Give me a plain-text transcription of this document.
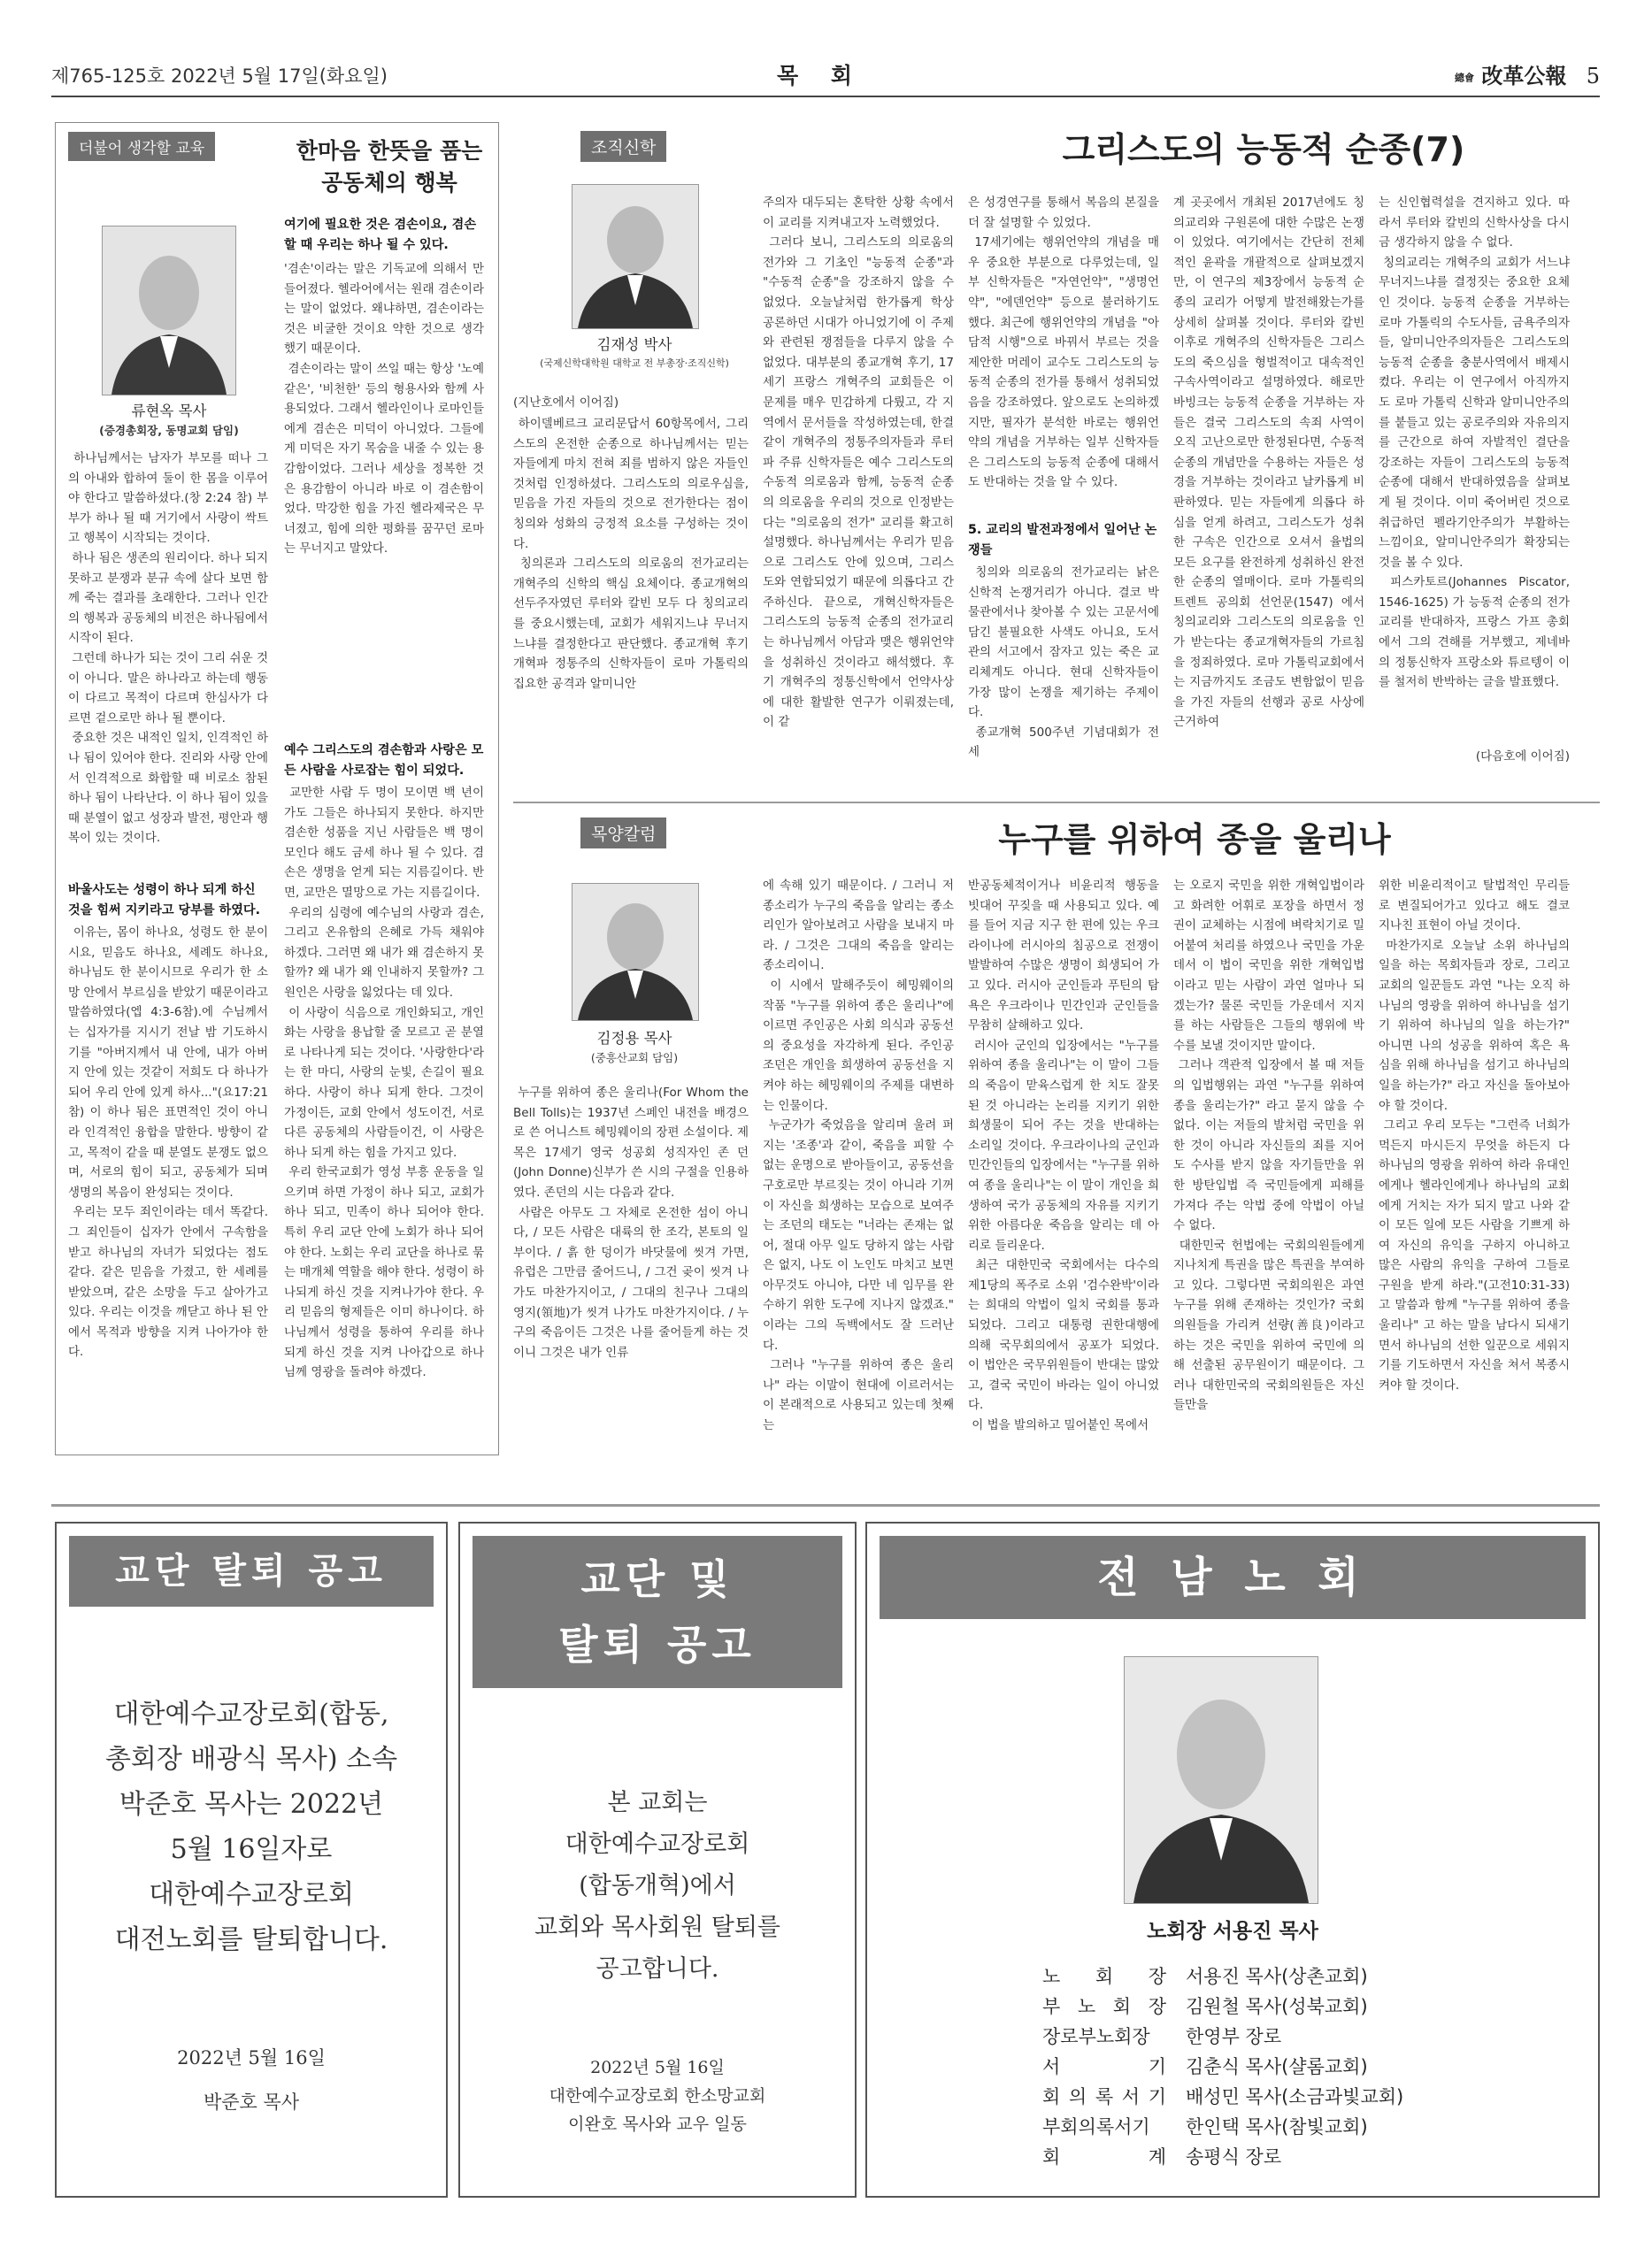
제765-125호 2022년 5월 17일(화요일)	목 회	總會 改革公報 5
더불어 생각할 교육	한마음 한뜻을 품는
공동체의 행복
류현옥 목사
(증경총회장, 동명교회 담임)
하나님께서는 남자가 부모를 떠나 그의 아내와 합하여 둘이 한 몸을 이루어야 한다고 말씀하셨다.(창 2:24 참) 부부가 하나 될 때 거기에서 사랑이 싹트고 행복이 시작되는 것이다.
하나 됨은 생존의 원리이다. 하나 되지 못하고 분쟁과 분규 속에 살다 보면 함께 죽는 결과를 초래한다. 그러나 인간의 행복과 공동체의 비전은 하나됨에서 시작이 된다.
그런데 하나가 되는 것이 그리 쉬운 것이 아니다. 말은 하나라고 하는데 행동이 다르고 목적이 다르며 한심사가 다르면 겉으로만 하나 될 뿐이다.
중요한 것은 내적인 일치, 인격적인 하나 됨이 있어야 한다. 진리와 사랑 안에서 인격적으로 화합할 때 비로소 참된 하나 됨이 나타난다. 이 하나 됨이 있을 때 분열이 없고 성장과 발전, 평안과 행복이 있는 것이다.
바울사도는 성령이 하나 되게 하신 것을 힘써 지키라고 당부를 하였다.
이유는, 몸이 하나요, 성령도 한 분이시요, 믿음도 하나요, 세례도 하나요, 하나님도 한 분이시므로 우리가 한 소망 안에서 부르심을 받았기 때문이라고 말씀하였다(엡 4:3-6참).에 수님께서는 십자가를 지시기 전날 밤 기도하시기를 "아버지께서 내 안에, 내가 아버지 안에 있는 것같이 저희도 다 하나가 되어 우리 안에 있게 하사..."(요17:21 참) 이 하나 됨은 표면적인 것이 아니라 인격적인 융합을 말한다. 방향이 같고, 목적이 같을 때 분열도 분쟁도 없으며, 서로의 힘이 되고, 공동체가 되며 생명의 복음이 완성되는 것이다.
우리는 모두 죄인이라는 데서 똑같다. 그 죄인들이 십자가 안에서 구속함을 받고 하나님의 자녀가 되었다는 점도 같다. 같은 믿음을 가졌고, 한 세례를 받았으며, 같은 소망을 두고 살아가고 있다. 우리는 이것을 깨닫고 하나 된 안에서 목적과 방향을 지켜 나아가야 한다.
여기에 필요한 것은 겸손이요, 겸손할 때 우리는 하나 될 수 있다.
'겸손'이라는 말은 기독교에 의해서 만들어졌다. 헬라어에서는 원래 겸손이라는 말이 없었다. 왜냐하면, 겸손이라는 것은 비굴한 것이요 약한 것으로 생각했기 때문이다.
겸손이라는 말이 쓰일 때는 항상 '노예 같은', '비천한' 등의 형용사와 함께 사용되었다. 그래서 헬라인이나 로마인들에게 겸손은 미덕이 아니었다. 그들에게 미덕은 자기 목숨을 내줄 수 있는 용감함이었다. 그러나 세상을 정복한 것은 용감함이 아니라 바로 이 겸손함이었다. 막강한 힘을 가진 헬라제국은 무너졌고, 힘에 의한 평화를 꿈꾸던 로마는 무너지고 말았다.
예수 그리스도의 겸손함과 사랑은 모든 사람을 사로잡는 힘이 되었다.
교만한 사람 두 명이 모이면 백 년이 가도 그들은 하나되지 못한다. 하지만 겸손한 성품을 지닌 사람들은 백 명이 모인다 해도 금세 하나 될 수 있다. 겸손은 생명을 얻게 되는 지름길이다. 반면, 교만은 멸망으로 가는 지름길이다.
우리의 심령에 예수님의 사랑과 겸손, 그리고 온유함의 은혜로 가득 채워야 하겠다. 그러면 왜 내가 왜 겸손하지 못할까? 왜 내가 왜 인내하지 못할까? 그 원인은 사랑을 잃었다는 데 있다.
이 사랑이 식음으로 개인화되고, 개인화는 사랑을 용납할 줄 모르고 곧 분열로 나타나게 되는 것이다. '사랑한다'라는 한 마디, 사랑의 눈빛, 손길이 필요하다. 사랑이 하나 되게 한다. 그것이 가정이든, 교회 안에서 성도이건, 서로 다른 공동체의 사람들이건, 이 사랑은 하나 되게 하는 힘을 가지고 있다.
우리 한국교회가 영성 부흥 운동을 일으키며 하면 가정이 하나 되고, 교회가 하나 되고, 민족이 하나 되어야 한다. 특히 우리 교단 안에 노회가 하나 되어야 한다. 노회는 우리 교단을 하나로 묶는 매개체 역할을 해야 한다. 성령이 하나되게 하신 것을 지켜나가야 한다. 우리 믿음의 형제들은 이미 하나이다. 하나님께서 성령을 통하여 우리를 하나 되게 하신 것을 지켜 나아갑으로 하나님께 영광을 돌려야 하겠다.
조직신학	그리스도의 능동적 순종(7)
김재성 박사
(국제신학대학원 대학교 전 부총장·조직신학)
(지난호에서 이어짐)
하이델베르크 교리문답서 60항목에서, 그리스도의 온전한 순종으로 하나님께서는 믿는 자들에게 마치 전혀 죄를 범하지 않은 자들인 것처럼 인정하셨다. 그리스도의 의로우심을, 믿음을 가진 자들의 것으로 전가한다는 점이 칭의와 성화의 긍정적 요소를 구성하는 것이다.
칭의론과 그리스도의 의로움의 전가교리는 개혁주의 신학의 핵심 요체이다. 종교개혁의 선두주자였던 루터와 칼빈 모두 다 칭의교리를 중요시했는데, 교회가 세워지느냐 무너지느냐를 결정한다고 판단했다. 종교개혁 후기 개혁파 정통주의 신학자들이 로마 가톨릭의 집요한 공격과 알미니안
주의자 대두되는 혼탁한 상황 속에서 이 교리를 지켜내고자 노력했었다.
그러다 보니, 그리스도의 의로움의 전가와 그 기초인 "능동적 순종"과 "수동적 순종"을 강조하지 않을 수 없었다. 오늘날처럼 한가롭게 학상 공론하던 시대가 아니었기에 이 주제와 관련된 쟁점들을 다루지 않을 수 없었다. 대부분의 종교개혁 후기, 17세기 프랑스 개혁주의 교회들은 이 문제를 매우 민감하게 다뤘고, 각 지역에서 문서들을 작성하였는데, 한결같이 개혁주의 정통주의자들과 루터파 주류 신학자들은 예수 그리스도의 수동적 의로움과 함께, 능동적 순종의 의로움을 우리의 것으로 인정받는다는 "의로움의 전가" 교리를 확고히 설명했다. 하나님께서는 우리가 믿음으로 그리스도 안에 있으며, 그리스도와 연합되었기 때문에 의롭다고 간주하신다. 끝으로, 개혁신학자들은 그리스도의 능동적 순종의 전가교리는 하나님께서 아담과 맺은 행위언약을 성취하신 것이라고 해석했다. 후기 개혁주의 정통신학에서 언약사상에 대한 활발한 연구가 이뤄졌는데, 이 같
은 성경연구를 통해서 복음의 본질을 더 잘 설명할 수 있었다.
17세기에는 행위언약의 개념을 매우 중요한 부분으로 다루었는데, 일부 신학자들은 "자연언약", "생명언약", "에덴언약" 등으로 불러하기도 했다. 최근에 행위언약의 개념을 "아담적 시행"으로 바꿔서 부르는 것을 제안한 머레이 교수도 그리스도의 능동적 순종의 전가를 통해서 성취되었음을 강조하였다. 앞으로도 논의하겠지만, 필자가 분석한 바로는 행위언약의 개념을 거부하는 일부 신학자들은 그리스도의 능동적 순종에 대해서도 반대하는 것을 알 수 있다.
5. 교리의 발전과정에서 일어난 논쟁들
칭의와 의로움의 전가교리는 낡은 신학적 논쟁거리가 아니다. 결코 박물관에서나 찾아볼 수 있는 고문서에 담긴 불필요한 사색도 아니요, 도서관의 서고에서 잠자고 있는 죽은 교리체계도 아니다. 현대 신학자들이 가장 많이 논쟁을 제기하는 주제이다.
종교개혁 500주년 기념대회가 전 세
계 곳곳에서 개최된 2017년에도 칭의교리와 구원론에 대한 수많은 논쟁이 있었다. 여기에서는 간단히 전체적인 윤곽을 개괄적으로 살펴보겠지만, 이 연구의 제3장에서 능동적 순종의 교리가 어떻게 발전해왔는가를 상세히 살펴볼 것이다. 루터와 칼빈 이후로 개혁주의 신학자들은 그리스도의 죽으심을 형벌적이고 대속적인 구속사역이라고 설명하였다. 해로만 바빙크는 능동적 순종을 거부하는 자들은 결국 그리스도의 속죄 사역이 오직 고난으로만 한정된다면, 수동적 순종의 개념만을 수용하는 자들은 성경을 거부하는 것이라고 날카롭게 비판하였다. 믿는 자들에게 의롭다 하심을 얻게 하려고, 그리스도가 성취한 구속은 인간으로 오셔서 율법의 모든 요구를 완전하게 성취하신 완전한 순종의 열매이다. 로마 가톨릭의 트렌트 공의회 선언문(1547) 에서 칭의교리와 그리스도의 의로움을 인가 받는다는 종교개혁자들의 가르침을 정죄하였다. 로마 가톨릭교회에서는 지금까지도 조금도 변함없이 믿음을 가진 자들의 선행과 공로 사상에 근거하여
는 신인협력설을 견지하고 있다. 따라서 루터와 칼빈의 신학사상을 다시금 생각하지 않을 수 없다.
칭의교리는 개혁주의 교회가 서느냐 무너지느냐를 결정짓는 중요한 요체인 것이다. 능동적 순종을 거부하는 로마 가톨릭의 수도사들, 금욕주의자들, 알미니안주의자들은 그리스도의 능동적 순종을 충분사역에서 배제시켰다. 우리는 이 연구에서 아직까지도 로마 가톨릭 신학과 알미니안주의를 붙들고 있는 공로주의와 자유의지를 근간으로 하여 자발적인 결단을 강조하는 자들이 그리스도의 능동적 순종에 대해서 반대하였음을 살펴보게 될 것이다. 이미 죽어버린 것으로 취급하던 펠라기안주의가 부활하는 느낌이요, 알미니안주의가 확장되는 것을 볼 수 있다.
피스카토르(Johannes Piscator, 1546-1625) 가 능동적 순종의 전가교리를 반대하자, 프랑스 가프 총회에서 그의 견해를 거부했고, 제네바의 정통신학자 프랑소와 튜르텡이 이를 철저히 반박하는 글을 발표했다.
(다음호에 이어짐)
목양칼럼	누구를 위하여 종을 울리나
김정용 목사
(중흥산교회 담임)
누구를 위하여 종은 울리나(For Whom the Bell Tolls)는 1937년 스페인 내전을 배경으로 쓴 어니스트 헤밍웨이의 장편 소설이다. 제목은 17세기 영국 성공회 성직자인 존 던(John Donne)신부가 쓴 시의 구절을 인용하였다. 존던의 시는 다음과 같다.
사람은 아무도 그 자체로 온전한 섬이 아니다, / 모든 사람은 대륙의 한 조각, 본토의 일부이다. / 흙 한 덩이가 바닷물에 씻겨 가면, 유럽은 그만큼 줄어드니, / 그건 곶이 씻겨 나가도 마찬가지이고, / 그대의 친구나 그대의 영지(領地)가 씻겨 나가도 마찬가지이다. / 누구의 죽음이든 그것은 나를 줄어들게 하는 것이니 그것은 내가 인류
에 속해 있기 때문이다. / 그러니 저 종소리가 누구의 죽음을 알리는 종소리인가 알아보려고 사람을 보내지 마라. / 그것은 그대의 죽음을 알리는 종소리이니.
이 시에서 말해주듯이 헤밍웨이의 작품 "누구를 위하여 종은 울리나"에 이르면 주인공은 사회 의식과 공동선의 중요성을 자각하게 된다. 주인공 조던은 개인을 희생하여 공동선을 지켜야 하는 헤밍웨이의 주제를 대변하는 인물이다.
누군가가 죽었음을 알리며 울려 퍼지는 '조종'과 같이, 죽음을 피할 수 없는 운명으로 받아들이고, 공동선을 구호로만 부르짖는 것이 아니라 기꺼이 자신을 희생하는 모습으로 보여주는 조던의 태도는 "너라는 존재는 없어, 절대 아무 일도 당하지 않는 사람은 없지, 나도 이 노인도 마치고 보면 아무것도 아니야, 다만 네 임무를 완수하기 위한 도구에 지나지 않겠죠." 이라는 그의 독백에서도 잘 드러난다.
그러나 "누구를 위하여 종은 울리나" 라는 이말이 현대에 이르러서는 이 본래적으로 사용되고 있는데 첫째는
반공동체적이거나 비윤리적 행동을 빗대어 꾸짖을 때 사용되고 있다. 예를 들어 지금 지구 한 편에 있는 우크라이나에 러시아의 침공으로 전쟁이 발발하여 수많은 생명이 희생되어 가고 있다. 러시아 군인들과 푸틴의 탐욕은 우크라이나 민간인과 군인들을 무참히 살해하고 있다.
러시아 군인의 입장에서는 "누구를 위하여 종을 울리나"는 이 말이 그들의 죽음이 맏육스럽게 한 치도 잘못된 것 아니라는 논리를 지키기 위한 희생물이 되어 주는 것을 반대하는 소리일 것이다. 우크라이나의 군인과 민간인들의 입장에서는 "누구를 위하여 종을 울리나"는 이 말이 개인을 희생하여 국가 공동체의 자유를 지키기 위한 아름다운 죽음을 알리는 데 아리로 들리운다.
최근 대한민국 국회에서는 다수의 제1당의 폭주로 소위 '검수완박'이라는 희대의 악법이 일치 국회를 통과되었다. 그리고 대통령 권한대행에 의해 국무회의에서 공포가 되었다. 이 법안은 국무위원들이 반대는 많았고, 결국 국민이 바라는 일이 아니었다.
이 법을 발의하고 밀어붙인 목에서
는 오로지 국민을 위한 개혁입법이라고 화려한 어휘로 포장을 하면서 정권이 교체하는 시점에 벼락치기로 밀어붙여 처리를 하였으나 국민을 가운데서 이 법이 국민을 위한 개혁입법이라고 믿는 사람이 과연 얼마나 되겠는가? 물론 국민들 가운데서 지지를 하는 사람들은 그들의 행위에 박수를 보낼 것이지만 말이다.
그러나 객관적 입장에서 볼 때 저들의 입법행위는 과연 "누구를 위하여 종을 울리는가?" 라고 묻지 않을 수 없다. 이는 저들의 발처럼 국민을 위한 것이 아니라 자신들의 죄를 지어도 수사를 받지 않을 자기들만을 위한 방탄입법 즉 국민들에게 피해를 가져다 주는 악법 중에 악법이 아닐 수 없다.
대한민국 헌법에는 국회의원들에게 지나치게 특권을 많은 특권을 부여하고 있다. 그렇다면 국회의원은 과연 누구를 위해 존재하는 것인가? 국회의원들을 가리켜 선량(善良)이라고 하는 것은 국민을 위하여 국민에 의해 선출된 공무원이기 때문이다. 그러나 대한민국의 국회의원들은 자신들만을
위한 비윤리적이고 탈법적인 무리들로 변질되어가고 있다고 해도 결코 지나친 표현이 아닐 것이다.
마찬가지로 오늘날 소위 하나님의 일을 하는 목회자들과 장로, 그리고 교회의 일꾼들도 과연 "나는 오직 하나님의 영광을 위하여 하나님을 섬기기 위하여 하나님의 일을 하는가?" 아니면 나의 성공을 위하여 혹은 욕심을 위해 하나님을 섬기고 하나님의 일을 하는가?" 라고 자신을 돌아보아야 할 것이다.
그리고 우리 모두는 "그런즉 너희가 먹든지 마시든지 무엇을 하든지 다 하나님의 영광을 위하여 하라 유대인에게나 헬라인에게나 하나님의 교회에게 거치는 자가 되지 말고 나와 같이 모든 일에 모든 사람을 기쁘게 하여 자신의 유익을 구하지 아니하고 많은 사람의 유익을 구하여 그들로 구원을 받게 하라."(고전10:31-33) 고 말씀과 함께 "누구를 위하여 종을 울리나" 고 하는 말을 남다시 되새기면서 하나님의 선한 일꾼으로 세워지기를 기도하면서 자신을 쳐서 복종시켜야 할 것이다.
교단 탈퇴 공고
대한예수교장로회(합동,
총회장 배광식 목사) 소속
박준호 목사는 2022년
5월 16일자로
대한예수교장로회
대전노회를 탈퇴합니다.
2022년 5월 16일
박준호 목사
교단 및
탈퇴 공고
본 교회는
대한예수교장로회
(합동개혁)에서
교회와 목사회원 탈퇴를
공고합니다.
2022년 5월 16일
대한예수교장로회 한소망교회
이완호 목사와 교우 일동
전 남 노 회
노회장 서용진 목사
노 회 장 서용진 목사(상촌교회)
부 노 회 장 김원철 목사(성북교회)
장로부노회장	한영부 장로
서 기 김춘식 목사(샬롬교회)
회 의 록 서 기 배성민 목사(소금과빛교회)
부회의록서기	한인택 목사(참빛교회)
회 계 송평식 장로
